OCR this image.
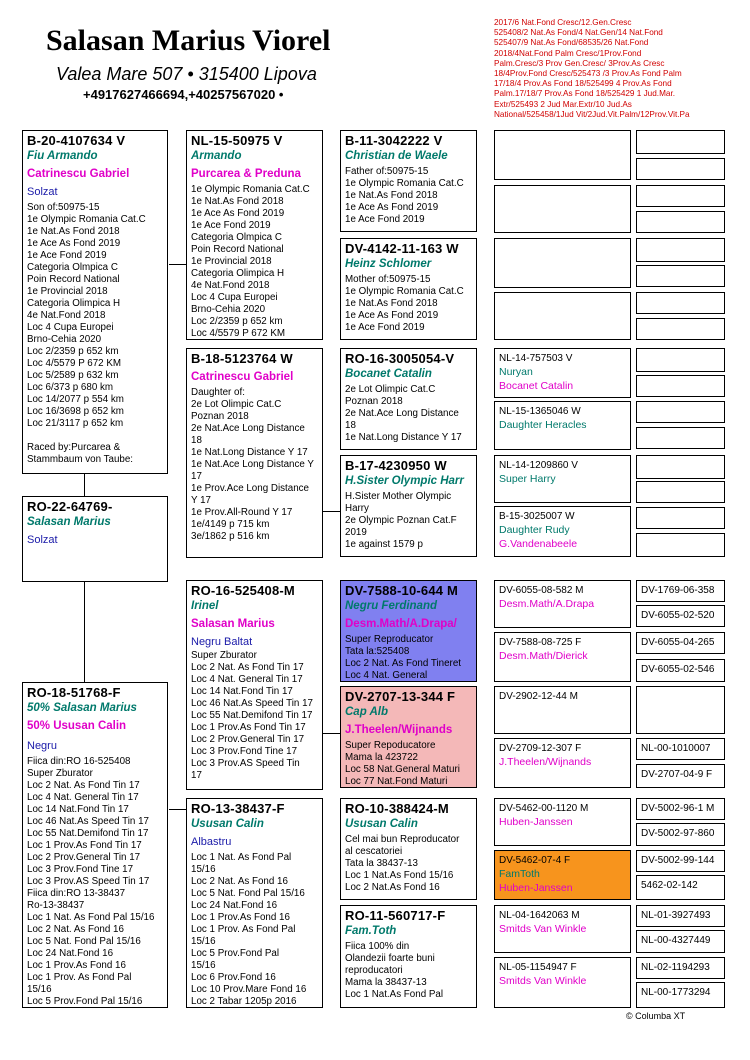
Salasan Marius Viorel
Valea Mare 507 • 315400 Lipova
+4917627466694,+40257567020 •
2017/6 Nat.Fond Cresc/12.Gen.Cresc
525408/2 Nat.As Fond/4 Nat.Gen/14 Nat.Fond
525407/9 Nat.As Fond/68535/26 Nat.Fond
2018/4Nat.Fond Palm Cresc/1Prov.Fond
Palm.Cresc/3 Prov Gen.Cresc/ 3Prov.As Cresc
18/4Prov.Fond Cresc/525473 /3 Prov.As Fond Palm
17/18/4 Prov.As Fond 18/525499 4 Prov.As Fond
Palm.17/18/7 Prov.As Fond 18/525429 1 Jud.Mar.
Extr/525493 2 Jud Mar.Extr/10 Jud.As
National/525458/1Jud Vit/2Jud.Vit.Palm/12Prov.Vit.Pa
B-20-4107634 V
Fiu Armando
Catrinescu Gabriel
Solzat
Son of:50975-15
1e Olympic Romania Cat.C
1e Nat.As Fond 2018
1e Ace As Fond 2019
1e Ace Fond 2019
Categoria Olmpica C
Poin Record National
1e Provincial 2018
Categoria Olimpica H
4e Nat.Fond 2018
Loc 4 Cupa Europei
Brno-Cehia 2020
Loc 2/2359 p 652 km
Loc 4/5579 P 672 KM
Loc 5/2589 p 632 km
Loc 6/373 p 680 km
Loc 14/2077 p 554 km
Loc 16/3698 p 652 km
Loc 21/3117 p 652 km

Raced by:Purcarea &
Stammbaum von Taube:
RO-22-64769-
Salasan Marius
Solzat
RO-18-51768-F
50% Salasan Marius
50% Ususan Calin
Negru
Fiica din:RO 16-525408
Super Zburator
Loc 2 Nat. As Fond Tin 17
Loc 4 Nat. General Tin 17
Loc 14 Nat.Fond Tin 17
Loc 46 Nat.As Speed Tin 17
Loc 55 Nat.Demifond Tin 17
Loc 1 Prov.As Fond Tin 17
Loc 2 Prov.General Tin 17
Loc 3 Prov.Fond Tine 17
Loc 3 Prov.AS Speed Tin 17
Fiica din:RO 13-38437
Ro-13-38437
Loc 1 Nat. As Fond Pal 15/16
Loc 2 Nat. As Fond 16
Loc 5 Nat. Fond Pal 15/16
Loc 24 Nat.Fond 16
Loc 1 Prov.As Fond 16
Loc 1 Prov. As Fond Pal
15/16
Loc 5 Prov.Fond Pal 15/16
NL-15-50975 V
Armando
Purcarea & Preduna
1e Olympic Romania Cat.C
1e Nat.As Fond 2018
1e Ace As Fond 2019
1e Ace Fond 2019
Categoria Olmpica C
Poin Record National
1e Provincial 2018
Categoria Olimpica H
4e Nat.Fond 2018
Loc 4 Cupa Europei
Brno-Cehia 2020
Loc 2/2359 p 652 km
Loc 4/5579 P 672 KM
B-18-5123764 W
Catrinescu Gabriel
Daughter of:
2e Lot Olimpic Cat.C
Poznan 2018
2e Nat.Ace Long Distance
18
1e Nat.Long Distance Y 17
1e Nat.Ace Long Distance Y
17
1e Prov.Ace Long Distance
Y 17
1e Prov.All-Round Y 17
1e/4149 p 715 km
3e/1862 p 516 km
RO-16-525408-M
Irinel
Salasan Marius
Negru Baltat
Super Zburator
Loc 2 Nat. As Fond Tin 17
Loc 4 Nat. General Tin 17
Loc 14 Nat.Fond Tin 17
Loc 46 Nat.As Speed Tin 17
Loc 55 Nat.Demifond Tin 17
Loc 1 Prov.As Fond Tin 17
Loc 2 Prov.General Tin 17
Loc 3 Prov.Fond Tine 17
Loc 3 Prov.AS Speed Tin
17
RO-13-38437-F
Ususan Calin
Albastru
Loc 1 Nat. As Fond Pal
15/16
Loc 2 Nat. As Fond 16
Loc 5 Nat. Fond Pal 15/16
Loc 24 Nat.Fond 16
Loc 1 Prov.As Fond 16
Loc 1 Prov. As Fond Pal
15/16
Loc 5 Prov.Fond Pal
15/16
Loc 6 Prov.Fond 16
Loc 10 Prov.Mare Fond 16
Loc 2 Tabar 1205p 2016
B-11-3042222 V
Christian de Waele
Father of:50975-15
1e Olympic Romania Cat.C
1e Nat.As Fond 2018
1e Ace As Fond 2019
1e Ace Fond 2019
DV-4142-11-163 W
Heinz Schlomer
Mother of:50975-15
1e Olympic Romania Cat.C
1e Nat.As Fond 2018
1e Ace As Fond 2019
1e Ace Fond 2019
RO-16-3005054-V
Bocanet Catalin
2e Lot Olimpic Cat.C
Poznan 2018
2e Nat.Ace Long Distance
18
1e Nat.Long Distance Y 17
B-17-4230950 W
H.Sister Olympic Harr
H.Sister Mother Olympic
Harry
2e Olympic Poznan Cat.F
2019
1e against 1579 p
DV-7588-10-644 M
Negru Ferdinand
Desm.Math/A.Drapa/
Super Reproducator
Tata la:525408
Loc 2 Nat. As Fond Tineret
Loc 4 Nat. General
DV-2707-13-344 F
Cap Alb
J.Theelen/Wijnands
Super Repoducatore
Mama la 423722
Loc 58 Nat.General Maturi
Loc 77 Nat.Fond Maturi
RO-10-388424-M
Ususan Calin
Cel mai bun Reproducator
al cescatoriei
Tata la 38437-13
Loc 1 Nat.As Fond 15/16
Loc 2 Nat.As Fond 16
RO-11-560717-F
Fam.Toth
Fiica 100% din
Olandezii foarte buni
reproducatori
Mama la 38437-13
Loc 1 Nat.As Fond Pal
NL-14-757503 V
Nuryan
Bocanet Catalin
NL-15-1365046 W
Daughter Heracles
NL-14-1209860 V
Super Harry
B-15-3025007 W
Daughter Rudy
G.Vandenabeele
DV-6055-08-582 M
Desm.Math/A.Drapa
DV-7588-08-725 F
Desm.Math/Dierick
DV-2902-12-44 M
DV-2709-12-307 F
J.Theelen/Wijnands
DV-5462-00-1120 M
Huben-Janssen
DV-5462-07-4 F
FamToth
Huben-Janssen
NL-04-1642063 M
Smitds Van Winkle
NL-05-1154947 F
Smitds Van Winkle
DV-1769-06-358
DV-6055-02-520
DV-6055-04-265
DV-6055-02-546
NL-00-1010007
DV-2707-04-9 F
DV-5002-96-1 M
DV-5002-97-860
DV-5002-99-144
5462-02-142
NL-01-3927493
NL-00-4327449
NL-02-1194293
NL-00-1773294
© Columba XT
